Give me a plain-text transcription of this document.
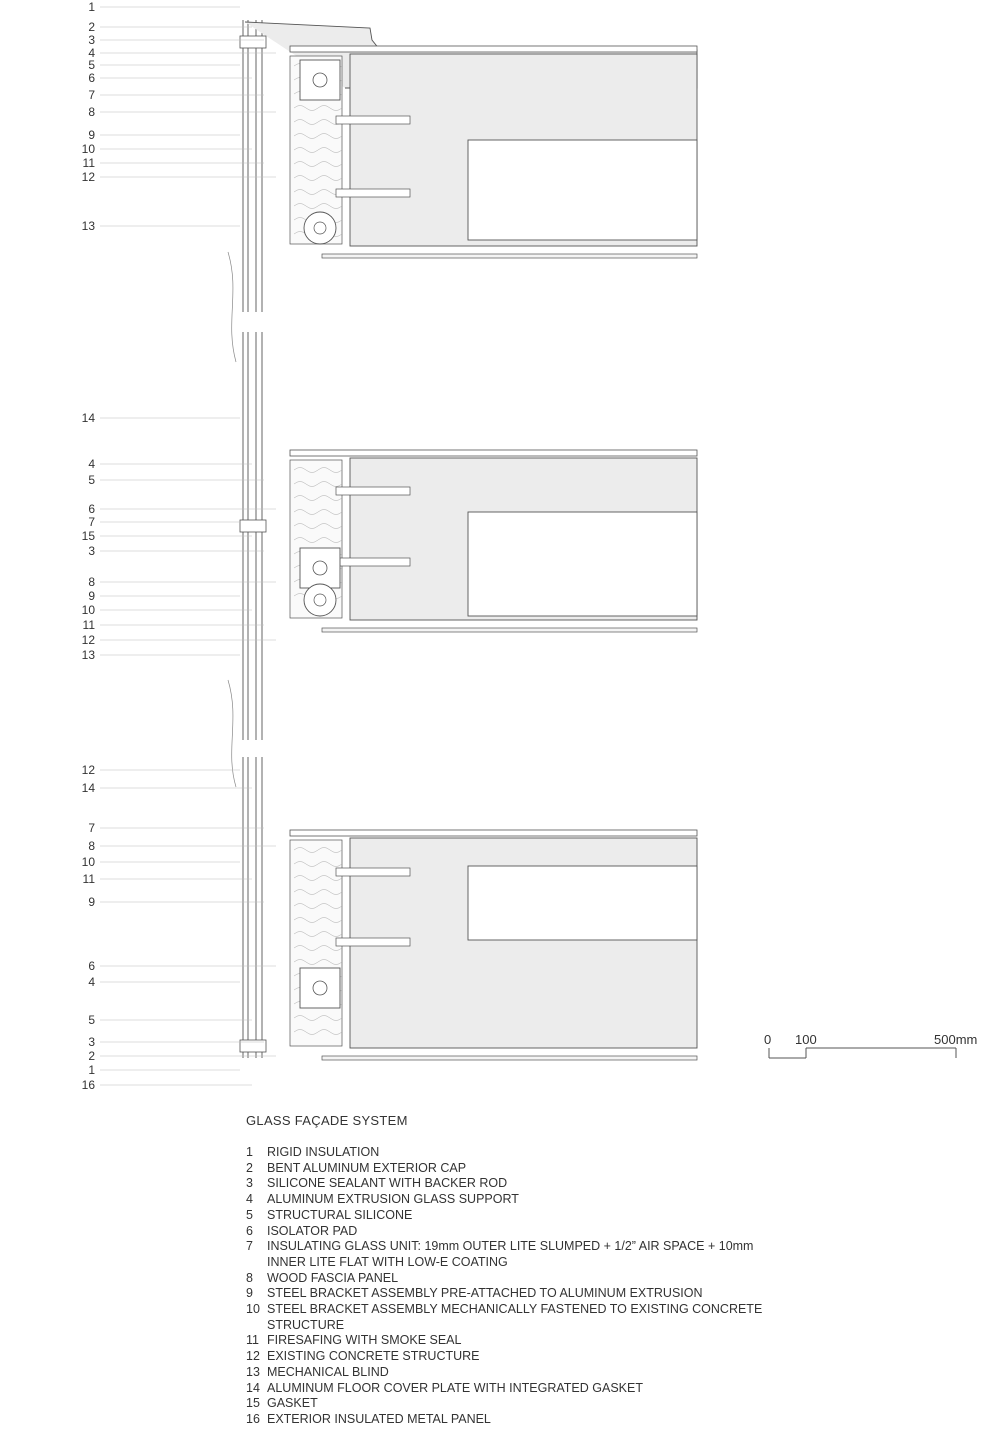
1
2
3
4
5
6
7
8
9
10
11
12
13
14
4
5
6
7
15
3
8
9
10
11
12
13
12
14
7
8
10
11
9
6
4
5
3
2
1
16
GLASS FAÇADE SYSTEM
1	RIGID INSULATION
2	BENT ALUMINUM EXTERIOR CAP
3	SILICONE SEALANT WITH BACKER ROD
4	ALUMINUM EXTRUSION GLASS SUPPORT
5	STRUCTURAL SILICONE
6	ISOLATOR PAD
7	INSULATING GLASS UNIT: 19mm OUTER LITE SLUMPED + 1/2” AIR SPACE + 10mm INNER LITE FLAT WITH LOW-E COATING
8	WOOD FASCIA PANEL
9	STEEL BRACKET ASSEMBLY PRE-ATTACHED TO ALUMINUM EXTRUSION
10 STEEL BRACKET ASSEMBLY MECHANICALLY FASTENED TO EXISTING CONCRETE STRUCTURE
11 FIRESAFING WITH SMOKE SEAL
12 EXISTING CONCRETE STRUCTURE
13 MECHANICAL BLIND
14 ALUMINUM FLOOR COVER PLATE WITH INTEGRATED GASKET
15 GASKET
16 EXTERIOR INSULATED METAL PANEL
0 100	500mm
